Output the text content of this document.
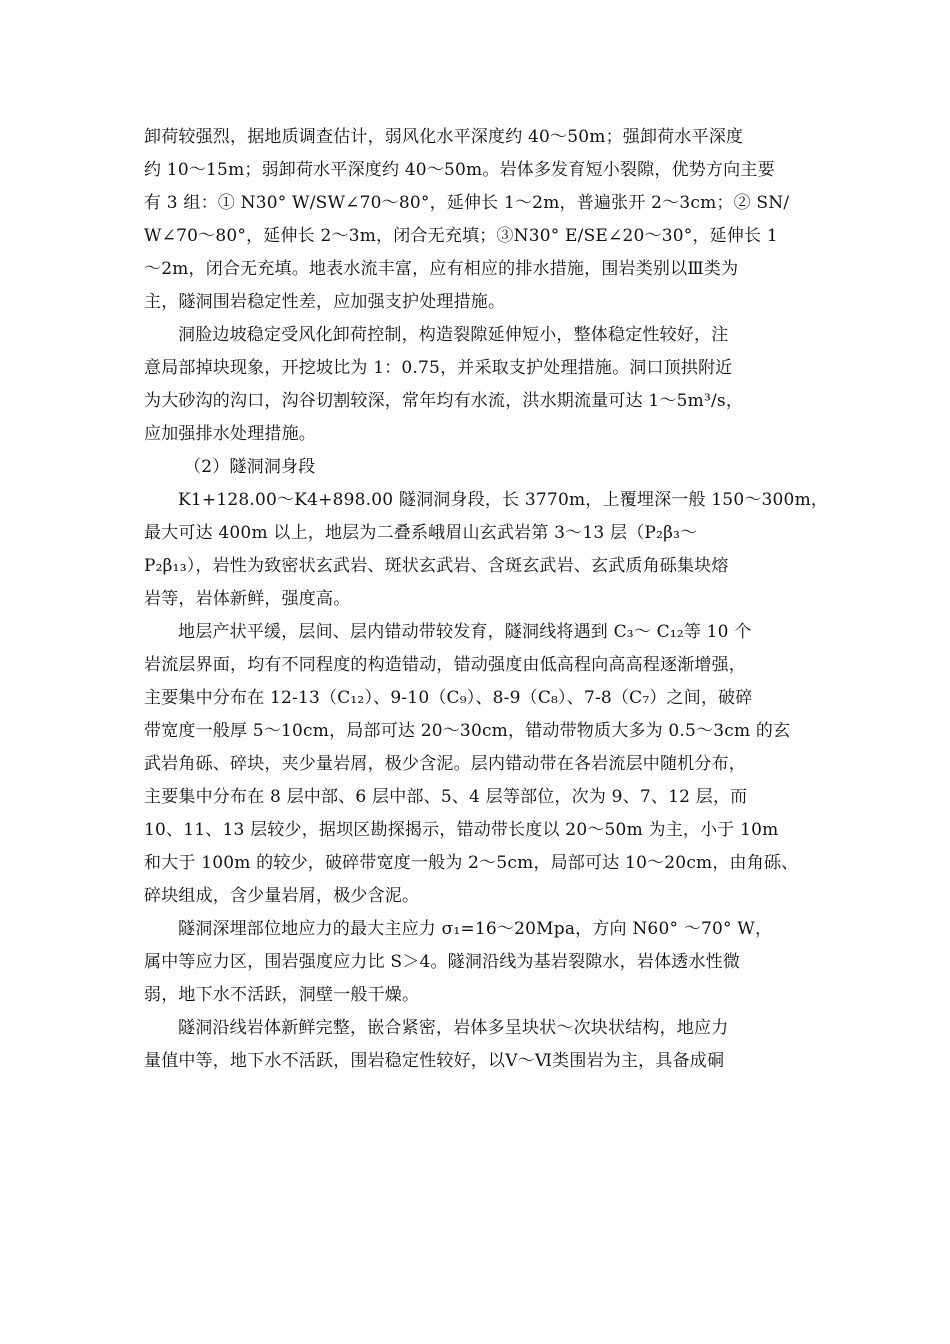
卸荷较强烈，据地质调查估计，弱风化水平深度约 40～50m；强卸荷水平深度
约 10～15m；弱卸荷水平深度约 40～50m。岩体多发育短小裂隙，优势方向主要
有 3 组：① N30° W/SW∠70～80°，延伸长 1～2m，普遍张开 2～3cm；② SN/
W∠70～80°，延伸长 2～3m，闭合无充填；③N30° E/SE∠20～30°，延伸长 1
～2m，闭合无充填。地表水流丰富，应有相应的排水措施，围岩类别以Ⅲ类为
主，隧洞围岩稳定性差，应加强支护处理措施。
洞脸边坡稳定受风化卸荷控制，构造裂隙延伸短小，整体稳定性较好，注
意局部掉块现象，开挖坡比为 1：0.75，并采取支护处理措施。洞口顶拱附近
为大砂沟的沟口，沟谷切割较深，常年均有水流，洪水期流量可达 1～5m³/s，
应加强排水处理措施。
（2）隧洞洞身段
K1+128.00～K4+898.00 隧洞洞身段，长 3770m，上覆埋深一般 150～300m，
最大可达 400m 以上，地层为二叠系峨眉山玄武岩第 3～13 层（P₂β₃～
P₂β₁₃），岩性为致密状玄武岩、斑状玄武岩、含斑玄武岩、玄武质角砾集块熔
岩等，岩体新鲜，强度高。
地层产状平缓，层间、层内错动带较发育，隧洞线将遇到 C₃～ C₁₂等 10 个
岩流层界面，均有不同程度的构造错动，错动强度由低高程向高高程逐渐增强，
主要集中分布在 12-13（C₁₂）、9-10（C₉）、8-9（C₈）、7-8（C₇）之间，破碎
带宽度一般厚 5～10cm，局部可达 20～30cm，错动带物质大多为 0.5～3cm 的玄
武岩角砾、碎块，夹少量岩屑，极少含泥。层内错动带在各岩流层中随机分布，
主要集中分布在 8 层中部、6 层中部、5、4 层等部位，次为 9、7、12 层，而
10、11、13 层较少，据坝区勘探揭示，错动带长度以 20～50m 为主，小于 10m
和大于 100m 的较少，破碎带宽度一般为 2～5cm，局部可达 10～20cm，由角砾、
碎块组成，含少量岩屑，极少含泥。
隧洞深埋部位地应力的最大主应力 σ₁=16～20Mpa，方向 N60° ～70° W，
属中等应力区，围岩强度应力比 S＞4。隧洞沿线为基岩裂隙水，岩体透水性微
弱，地下水不活跃，洞壁一般干燥。
隧洞沿线岩体新鲜完整，嵌合紧密，岩体多呈块状～次块状结构，地应力
量值中等，地下水不活跃，围岩稳定性较好，以Ⅴ～Ⅵ类围岩为主，具备成硐
